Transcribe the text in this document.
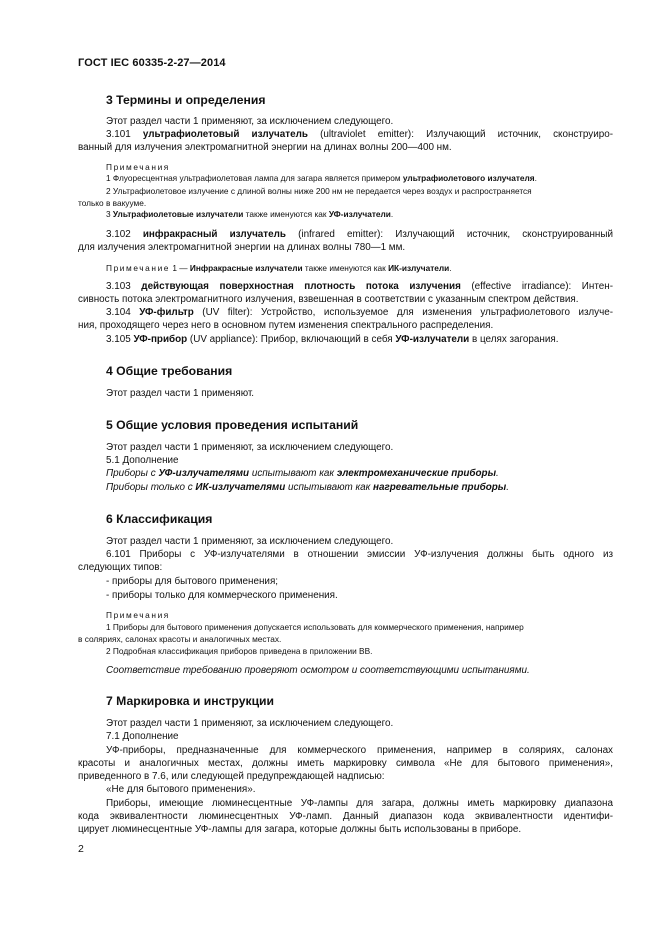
ГОСТ IEC 60335-2-27—2014
3 Термины и определения
Этот раздел части 1 применяют, за исключением следующего.
3.101 ультрафиолетовый излучатель (ultraviolet emitter): Излучающий источник, сконструиро-
ванный для излучения электромагнитной энергии на длинах волны 200—400 нм.
Примечания
1 Флуоресцентная ультрафиолетовая лампа для загара является примером ультрафиолетового излучателя.
2 Ультрафиолетовое излучение с длиной волны ниже 200 нм не передается через воздух и распространяется
только в вакууме.
3 Ультрафиолетовые излучатели также именуются как УФ-излучатели.
3.102 инфракрасный излучатель (infrared emitter): Излучающий источник, сконструированный
для излучения электромагнитной энергии на длинах волны 780—1 мм.
Примечание 1 — Инфракрасные излучатели также именуются как ИК-излучатели.
3.103 действующая поверхностная плотность потока излучения (effective irradiance): Интен-
сивность потока электромагнитного излучения, взвешенная в соответствии с указанным спектром действия.
3.104 УФ-фильтр (UV filter): Устройство, используемое для изменения ультрафиолетового излуче-
ния, проходящего через него в основном путем изменения спектрального распределения.
3.105 УФ-прибор (UV appliance): Прибор, включающий в себя УФ-излучатели в целях загорания.
4 Общие требования
Этот раздел части 1 применяют.
5 Общие условия проведения испытаний
Этот раздел части 1 применяют, за исключением следующего.
5.1 Дополнение
Приборы с УФ-излучателями испытывают как электромеханические приборы.
Приборы только с ИК-излучателями испытывают как нагревательные приборы.
6 Классификация
Этот раздел части 1 применяют, за исключением следующего.
6.101 Приборы с УФ-излучателями в отношении эмиссии УФ-излучения должны быть одного из
следующих типов:
- приборы для бытового применения;
- приборы только для коммерческого применения.
Примечания
1 Приборы для бытового применения допускается использовать для коммерческого применения, например
в соляриях, салонах красоты и аналогичных местах.
2 Подробная классификация приборов приведена в приложении ВВ.
Соответствие требованию проверяют осмотром и соответствующими испытаниями.
7 Маркировка и инструкции
Этот раздел части 1 применяют, за исключением следующего.
7.1 Дополнение
УФ-приборы, предназначенные для коммерческого применения, например в соляриях, салонах
красоты и аналогичных местах, должны иметь маркировку символа «Не для бытового применения»,
приведенного в 7.6, или следующей предупреждающей надписью:
«Не для бытового применения».
Приборы, имеющие люминесцентные УФ-лампы для загара, должны иметь маркировку диапазона
кода эквивалентности люминесцентных УФ-ламп. Данный диапазон кода эквивалентности идентифи-
цирует люминесцентные УФ-лампы для загара, которые должны быть использованы в приборе.
2
